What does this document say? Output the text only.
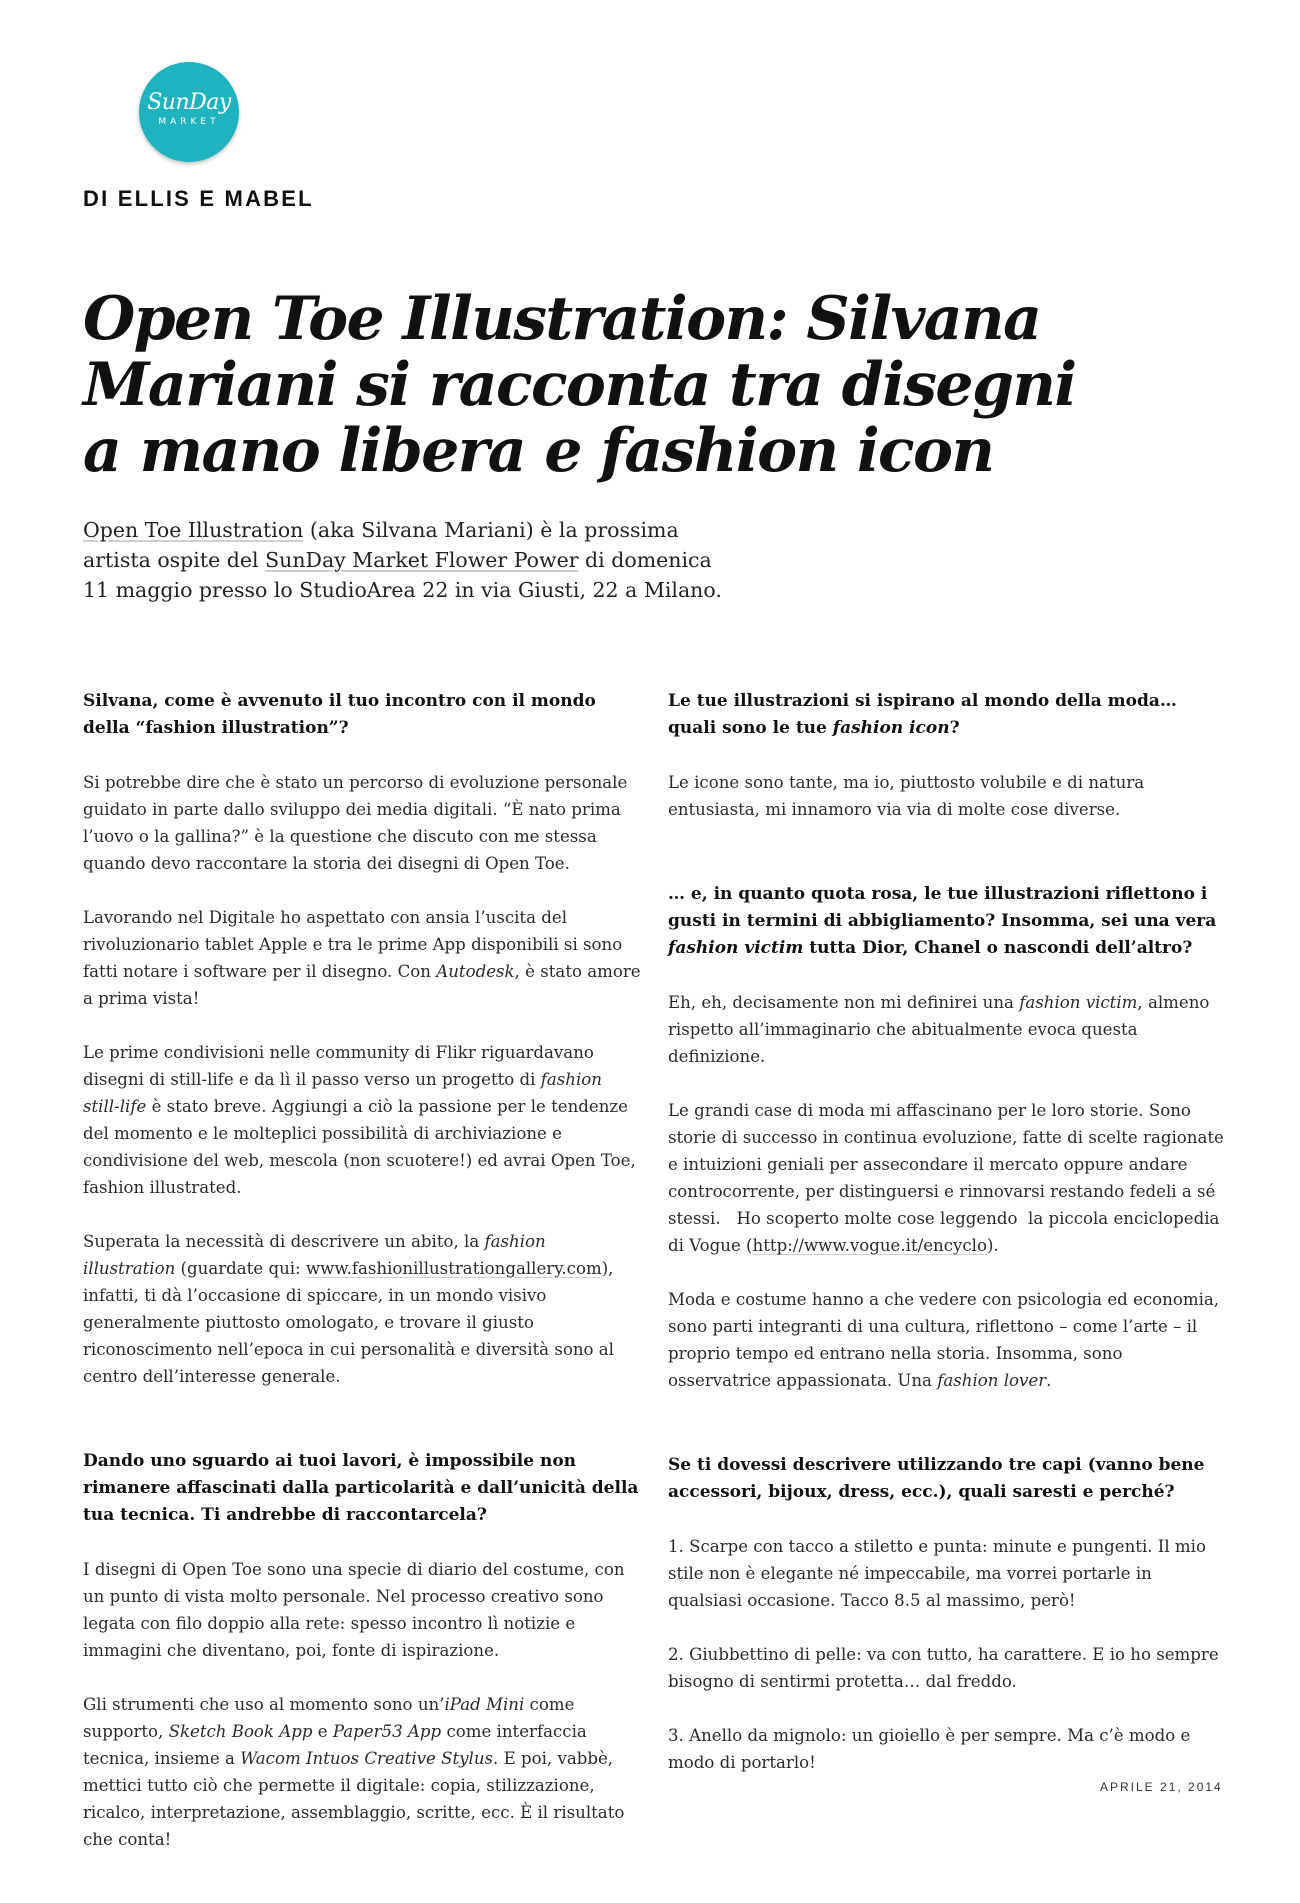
SunDay
MARKET
DI ELLIS E MABEL
Open Toe Illustration: Silvana Mariani si racconta tra disegni a mano libera e fashion icon

Open Toe Illustration (aka Silvana Mariani) è la prossima artista ospite del SunDay Market Flower Power di domenica 11 maggio presso lo StudioArea 22 in via Giusti, 22 a Milano.

Silvana, come è avvenuto il tuo incontro con il mondo della “fashion illustration”?

Si potrebbe dire che è stato un percorso di evoluzione personale guidato in parte dallo sviluppo dei media digitali. “È nato prima l’uovo o la gallina?” è la questione che discuto con me stessa quando devo raccontare la storia dei disegni di Open Toe.

Lavorando nel Digitale ho aspettato con ansia l’uscita del rivoluzionario tablet Apple e tra le prime App disponibili si sono fatti notare i software per il disegno. Con Autodesk, è stato amore a prima vista!

Le prime condivisioni nelle community di Flikr riguardavano disegni di still-life e da lì il passo verso un progetto di fashion still-life è stato breve. Aggiungi a ciò la passione per le tendenze del momento e le molteplici possibilità di archiviazione e condivisione del web, mescola (non scuotere!) ed avrai Open Toe, fashion illustrated.

Superata la necessità di descrivere un abito, la fashion illustration (guardate qui: www.fashionillustrationgallery.com), infatti, ti dà l’occasione di spiccare, in un mondo visivo generalmente piuttosto omologato, e trovare il giusto riconoscimento nell’epoca in cui personalità e diversità sono al centro dell’interesse generale.

Dando uno sguardo ai tuoi lavori, è impossibile non rimanere affascinati dalla particolarità e dall’unicità della tua tecnica. Ti andrebbe di raccontarcela?

I disegni di Open Toe sono una specie di diario del costume, con un punto di vista molto personale. Nel processo creativo sono legata con filo doppio alla rete: spesso incontro lì notizie e immagini che diventano, poi, fonte di ispirazione.

Gli strumenti che uso al momento sono un’iPad Mini come supporto, Sketch Book App e Paper53 App come interfaccia tecnica, insieme a Wacom Intuos Creative Stylus. E poi, vabbè, mettici tutto ciò che permette il digitale: copia, stilizzazione, ricalco, interpretazione, assemblaggio, scritte, ecc. È il risultato che conta!

Le tue illustrazioni si ispirano al mondo della moda… quali sono le tue fashion icon?

Le icone sono tante, ma io, piuttosto volubile e di natura entusiasta, mi innamoro via via di molte cose diverse.

… e, in quanto quota rosa, le tue illustrazioni riflettono i gusti in termini di abbigliamento? Insomma, sei una vera fashion victim tutta Dior, Chanel o nascondi dell’altro?

Eh, eh, decisamente non mi definirei una fashion victim, almeno rispetto all’immaginario che abitualmente evoca questa definizione.

Le grandi case di moda mi affascinano per le loro storie. Sono storie di successo in continua evoluzione, fatte di scelte ragionate e intuizioni geniali per assecondare il mercato oppure andare controcorrente, per distinguersi e rinnovarsi restando fedeli a sé stessi.   Ho scoperto molte cose leggendo  la piccola enciclopedia di Vogue (http://www.vogue.it/encyclo).

Moda e costume hanno a che vedere con psicologia ed economia, sono parti integranti di una cultura, riflettono – come l’arte – il proprio tempo ed entrano nella storia. Insomma, sono osservatrice appassionata. Una fashion lover.

Se ti dovessi descrivere utilizzando tre capi (vanno bene accessori, bijoux, dress, ecc.), quali saresti e perché?

1. Scarpe con tacco a stiletto e punta: minute e pungenti. Il mio stile non è elegante né impeccabile, ma vorrei portarle in qualsiasi occasione. Tacco 8.5 al massimo, però!

2. Giubbettino di pelle: va con tutto, ha carattere. E io ho sempre bisogno di sentirmi protetta… dal freddo.

3. Anello da mignolo: un gioiello è per sempre. Ma c’è modo e modo di portarlo!

APRILE 21, 2014
